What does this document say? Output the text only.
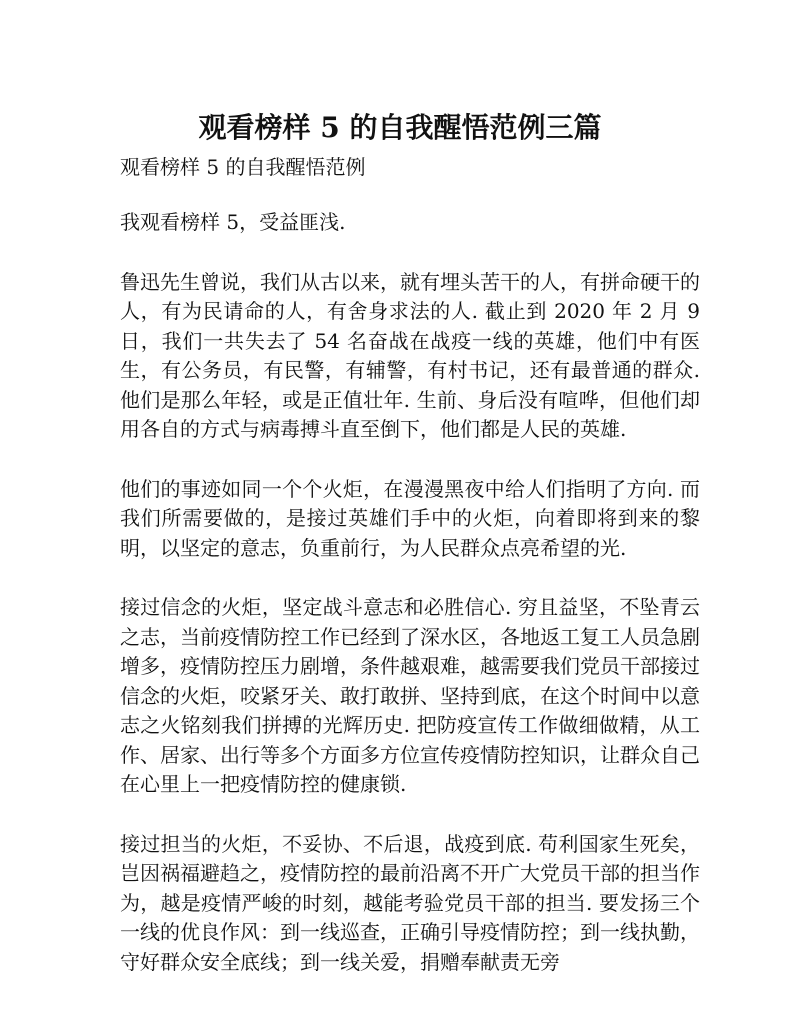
观看榜样 5 的自我醒悟范例三篇

观看榜样 5 的自我醒悟范例

我观看榜样 5，受益匪浅.

鲁迅先生曾说，我们从古以来，就有埋头苦干的人，有拼命硬干的人，有为民请命的人，有舍身求法的人. 截止到 2020 年 2 月 9 日，我们一共失去了 54 名奋战在战疫一线的英雄，他们中有医生，有公务员，有民警，有辅警，有村书记，还有最普通的群众. 他们是那么年轻，或是正值壮年. 生前、身后没有喧哗，但他们却用各自的方式与病毒搏斗直至倒下，他们都是人民的英雄.

他们的事迹如同一个个火炬，在漫漫黑夜中给人们指明了方向. 而我们所需要做的，是接过英雄们手中的火炬，向着即将到来的黎明，以坚定的意志，负重前行，为人民群众点亮希望的光.

接过信念的火炬，坚定战斗意志和必胜信心. 穷且益坚，不坠青云之志，当前疫情防控工作已经到了深水区，各地返工复工人员急剧增多，疫情防控压力剧增，条件越艰难，越需要我们党员干部接过信念的火炬，咬紧牙关、敢打敢拼、坚持到底，在这个时间中以意志之火铭刻我们拼搏的光辉历史. 把防疫宣传工作做细做精，从工作、居家、出行等多个方面多方位宣传疫情防控知识，让群众自己在心里上一把疫情防控的健康锁.

接过担当的火炬，不妥协、不后退，战疫到底. 苟利国家生死矣，岂因祸福避趋之，疫情防控的最前沿离不开广大党员干部的担当作为，越是疫情严峻的时刻，越能考验党员干部的担当. 要发扬三个一线的优良作风：到一线巡查，正确引导疫情防控；到一线执勤，守好群众安全底线；到一线关爱，捐赠奉献责无旁
